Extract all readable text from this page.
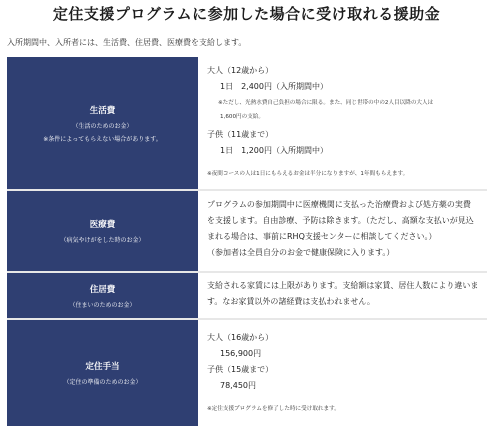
定住支援プログラムに参加した場合に受け取れる援助金
入所期間中、入所者には、生活費、住居費、医療費を支給します。
生活費
（生活のためのお金）
※条件によってもらえない場合があります。
大人（12歳から）
1日　2,400円（入所期間中）
※ただし、光熱水費自己負担の場合に限る。また、同じ世帯の中の2人目以降の大人は
1,600円の支給。
子供（11歳まで）
1日　1,200円（入所期間中）
※夜間コースの人は1日にもらえるお金は半分になりますが、1年間もらえます。
医療費
（病気やけがをした時のお金）
プログラムの参加期間中に医療機関に支払った治療費および処方薬の実費
を支援します。自由診療、予防は除きます。（ただし、高額な支払いが見込
まれる場合は、事前にRHQ支援センターに相談してください。）
（参加者は全員自分のお金で健康保険に入ります。）
住居費
（住まいのためのお金）
支給される家賃には上限があります。支給額は家賃、居住人数により違いま
す。なお家賃以外の諸経費は支払われません。
定住手当
（定住の準備のためのお金）
大人（16歳から）
156,900円
子供（15歳まで）
78,450円
※定住支援プログラムを修了した時に受け取れます。
